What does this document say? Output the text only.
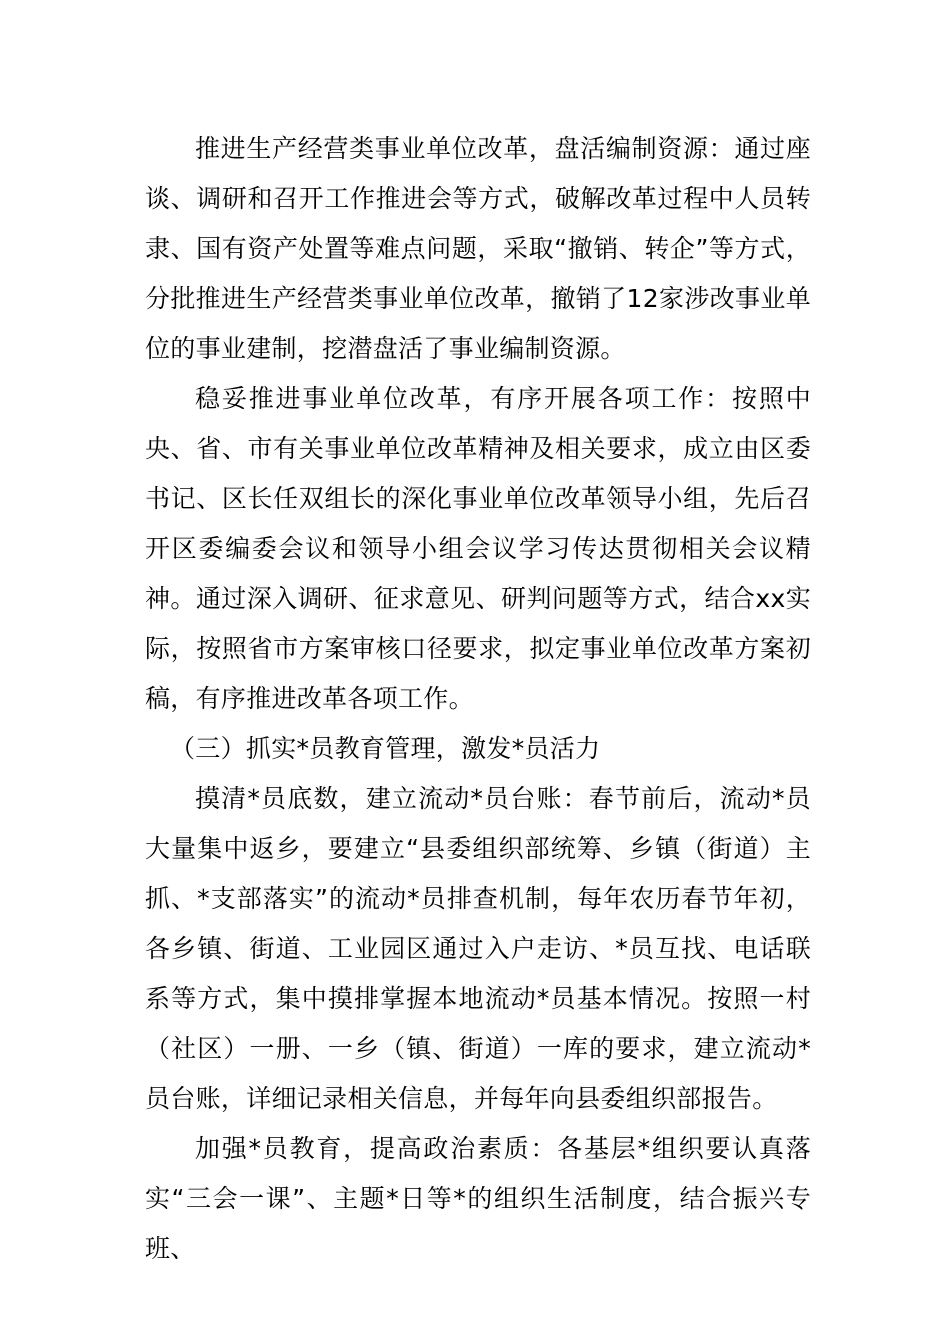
推进生产经营类事业单位改革，盘活编制资源：通过座谈、调研和召开工作推进会等方式，破解改革过程中人员转隶、国有资产处置等难点问题，采取“撤销、转企”等方式，分批推进生产经营类事业单位改革，撤销了12家涉改事业单位的事业建制，挖潜盘活了事业编制资源。

稳妥推进事业单位改革，有序开展各项工作：按照中央、省、市有关事业单位改革精神及相关要求，成立由区委书记、区长任双组长的深化事业单位改革领导小组，先后召开区委编委会议和领导小组会议学习传达贯彻相关会议精神。通过深入调研、征求意见、研判问题等方式，结合xx实际，按照省市方案审核口径要求，拟定事业单位改革方案初稿，有序推进改革各项工作。

（三）抓实*员教育管理，激发*员活力

摸清*员底数，建立流动*员台账：春节前后，流动*员大量集中返乡，要建立“县委组织部统筹、乡镇（街道）主抓、*支部落实”的流动*员排查机制，每年农历春节年初，各乡镇、街道、工业园区通过入户走访、*员互找、电话联系等方式，集中摸排掌握本地流动*员基本情况。按照一村（社区）一册、一乡（镇、街道）一库的要求，建立流动*员台账，详细记录相关信息，并每年向县委组织部报告。

加强*员教育，提高政治素质：各基层*组织要认真落实“三会一课”、主题*日等*的组织生活制度，结合振兴专班、
